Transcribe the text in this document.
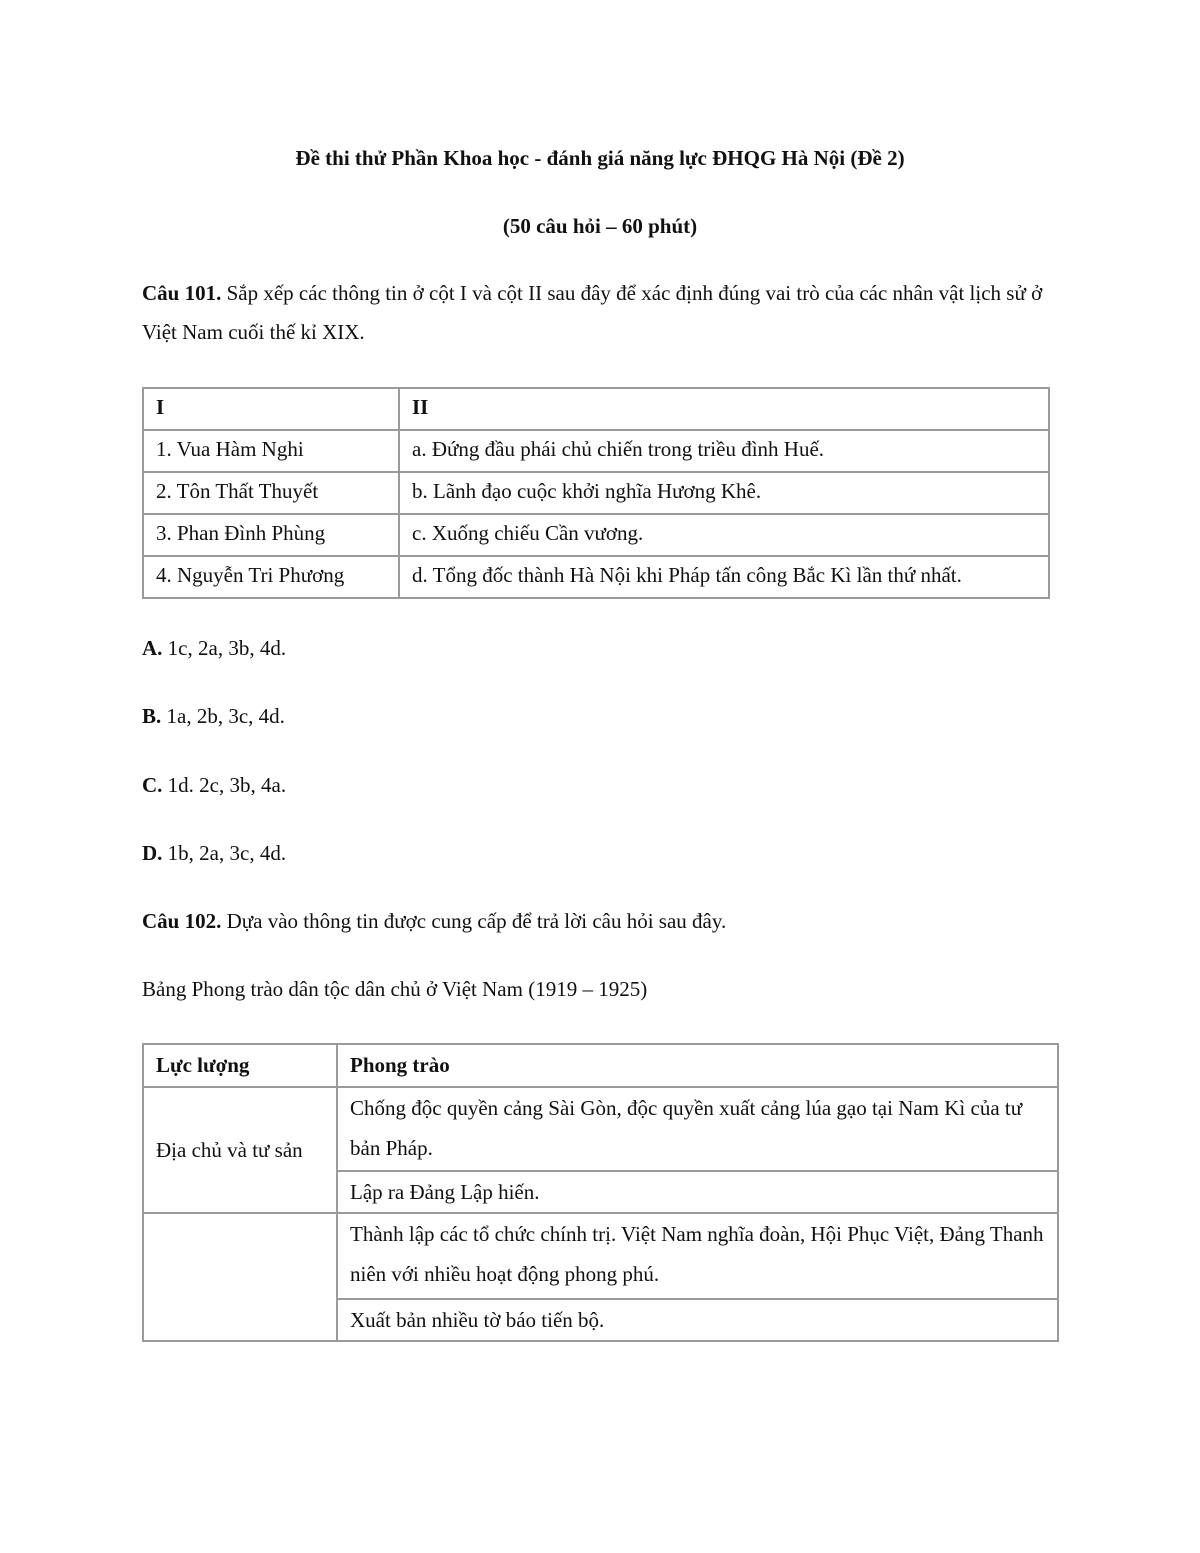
Đề thi thử Phần Khoa học - đánh giá năng lực ĐHQG Hà Nội (Đề 2)
(50 câu hỏi – 60 phút)
Câu 101. Sắp xếp các thông tin ở cột I và cột II sau đây để xác định đúng vai trò của các nhân vật lịch sử ở Việt Nam cuối thế kỉ XIX.
I	II
1. Vua Hàm Nghi	a. Đứng đầu phái chủ chiến trong triều đình Huế.
2. Tôn Thất Thuyết	b. Lãnh đạo cuộc khởi nghĩa Hương Khê.
3. Phan Đình Phùng	c. Xuống chiếu Cần vương.
4. Nguyễn Tri Phương	d. Tổng đốc thành Hà Nội khi Pháp tấn công Bắc Kì lần thứ nhất.
A. 1c, 2a, 3b, 4d.
B. 1a, 2b, 3c, 4d.
C. 1d. 2c, 3b, 4a.
D. 1b, 2a, 3c, 4d.
Câu 102. Dựa vào thông tin được cung cấp để trả lời câu hỏi sau đây.
Bảng Phong trào dân tộc dân chủ ở Việt Nam (1919 – 1925)
Lực lượng	Phong trào
Địa chủ và tư sản	Chống độc quyền cảng Sài Gòn, độc quyền xuất cảng lúa gạo tại Nam Kì của tư bản Pháp.
	Lập ra Đảng Lập hiến.
	Thành lập các tổ chức chính trị. Việt Nam nghĩa đoàn, Hội Phục Việt, Đảng Thanh niên với nhiều hoạt động phong phú.
	Xuất bản nhiều tờ báo tiến bộ.
